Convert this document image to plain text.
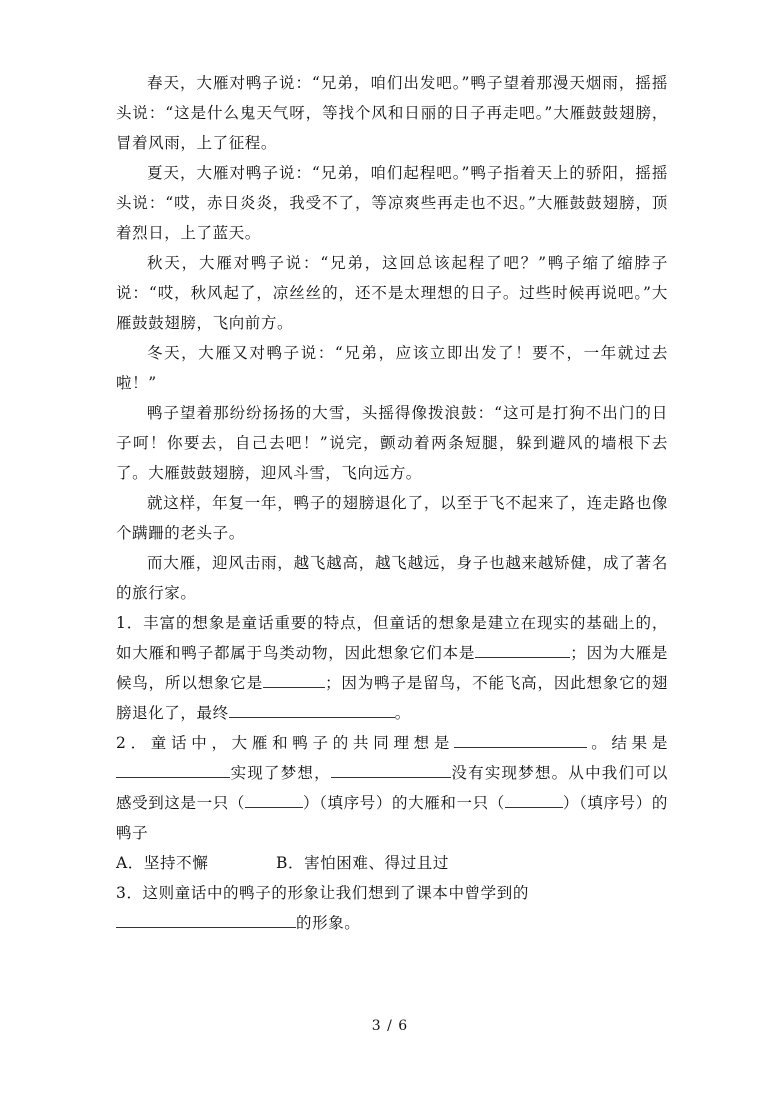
春天，大雁对鸭子说：“兄弟，咱们出发吧。”鸭子望着那漫天烟雨，摇摇头说：“这是什么鬼天气呀，等找个风和日丽的日子再走吧。”大雁鼓鼓翅膀，冒着风雨，上了征程。

夏天，大雁对鸭子说：“兄弟，咱们起程吧。”鸭子指着天上的骄阳，摇摇头说：“哎，赤日炎炎，我受不了，等凉爽些再走也不迟。”大雁鼓鼓翅膀，顶着烈日，上了蓝天。

秋天，大雁对鸭子说：“兄弟，这回总该起程了吧？”鸭子缩了缩脖子说：“哎，秋风起了，凉丝丝的，还不是太理想的日子。过些时候再说吧。”大雁鼓鼓翅膀，飞向前方。

冬天，大雁又对鸭子说：“兄弟，应该立即出发了！要不，一年就过去啦！”

鸭子望着那纷纷扬扬的大雪，头摇得像拨浪鼓：“这可是打狗不出门的日子呵！你要去，自己去吧！”说完，颤动着两条短腿，躲到避风的墙根下去了。大雁鼓鼓翅膀，迎风斗雪，飞向远方。

就这样，年复一年，鸭子的翅膀退化了，以至于飞不起来了，连走路也像个蹒跚的老头子。

而大雁，迎风击雨，越飞越高，越飞越远，身子也越来越矫健，成了著名的旅行家。

1．丰富的想象是童话重要的特点，但童话的想象是建立在现实的基础上的，如大雁和鸭子都属于鸟类动物，因此想象它们本是	；因为大雁是候鸟，所以想象它是	；因为鸭子是留鸟，不能飞高，因此想象它的翅膀退化了，最终	。

2．童话中，大雁和鸭子的共同理想是	。结果是实现了梦想，	没有实现梦想。从中我们可以感受到这是一只（	）（填序号）的大雁和一只（	）（填序号）的鸭子

A．坚持不懈	B．害怕困难、得过且过

3．这则童话中的鸭子的形象让我们想到了课本中曾学到的

的形象。

3 / 6
